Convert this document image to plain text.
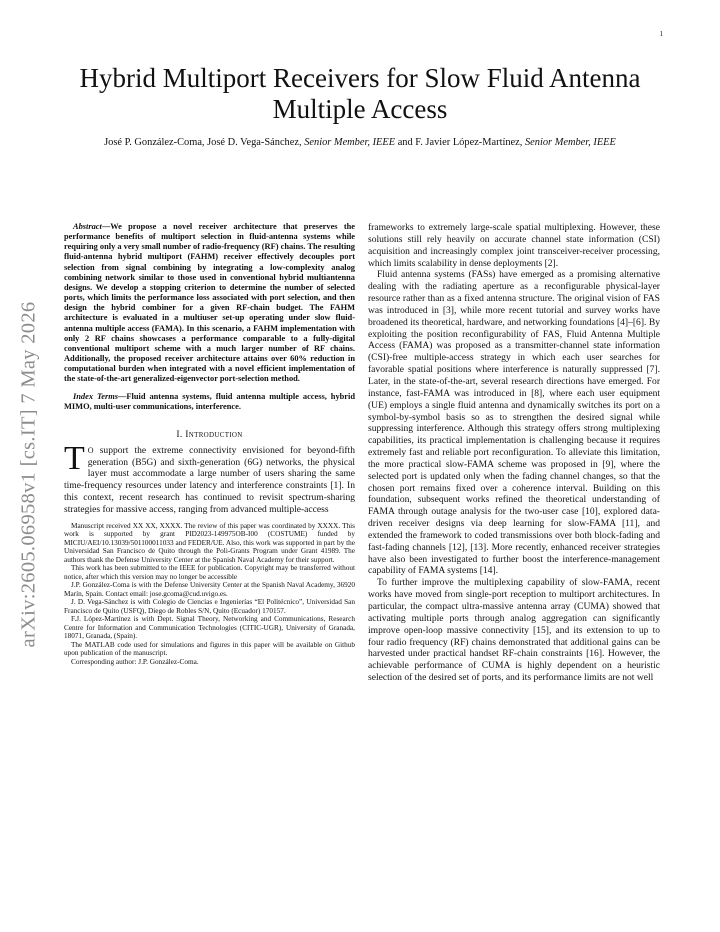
1
arXiv:2605.06958v1 [cs.IT] 7 May 2026
Hybrid Multiport Receivers for Slow Fluid Antenna Multiple Access
José P. González-Coma, José D. Vega-Sánchez, Senior Member, IEEE and F. Javier López-Martínez, Senior Member, IEEE

Abstract—We propose a novel receiver architecture that preserves the performance benefits of multiport selection in fluid-antenna systems while requiring only a very small number of radio-frequency (RF) chains. The resulting fluid-antenna hybrid multiport (FAHM) receiver effectively decouples port selection from signal combining by integrating a low-complexity analog combining network similar to those used in conventional hybrid multiantenna designs. We develop a stopping criterion to determine the number of selected ports, which limits the performance loss associated with port selection, and then design the hybrid combiner for a given RF-chain budget. The FAHM architecture is evaluated in a multiuser set-up operating under slow fluid-antenna multiple access (FAMA). In this scenario, a FAHM implementation with only 2 RF chains showcases a performance comparable to a fully-digital conventional multiport scheme with a much larger number of RF chains. Additionally, the proposed receiver architecture attains over 60% reduction in computational burden when integrated with a novel efficient implementation of the state-of-the-art generalized-eigenvector port-selection method.

Index Terms—Fluid antenna systems, fluid antenna multiple access, hybrid MIMO, multi-user communications, interference.

I. Introduction

TO support the extreme connectivity envisioned for beyond-fifth generation (B5G) and sixth-generation (6G) networks, the physical layer must accommodate a large number of users sharing the same time-frequency resources under latency and interference constraints [1]. In this context, recent research has continued to revisit spectrum-sharing strategies for massive access, ranging from advanced multiple-access

Manuscript received XX XX, XXXX. The review of this paper was coordinated by XXXX. This work is supported by grant PID2023-149975OB-I00 (COSTUME) funded by MICIU/AEI/10.13039/501100011033 and FEDER/UE. Also, this work was supported in part by the Universidad San Francisco de Quito through the Poli-Grants Program under Grant 41989. The authors thank the Defense University Center at the Spanish Naval Academy for their support.

This work has been submitted to the IEEE for publication. Copyright may be transferred without notice, after which this version may no longer be accessible

J.P. González-Coma is with the Defense University Center at the Spanish Naval Academy, 36920 Marín, Spain. Contact email: jose.gcoma@cud.uvigo.es.

J. D. Vega-Sánchez is with Colegio de Ciencias e Ingenierías “El Politécnico”, Universidad San Francisco de Quito (USFQ), Diego de Robles S/N, Quito (Ecuador) 170157.

F.J. López-Martínez is with Dept. Signal Theory, Networking and Communications, Research Centre for Information and Communication Technologies (CITIC-UGR), University of Granada, 18071, Granada, (Spain).

The MATLAB code used for simulations and figures in this paper will be available on Github upon publication of the manuscript.

Corresponding author: J.P. González-Coma.

frameworks to extremely large-scale spatial multiplexing. However, these solutions still rely heavily on accurate channel state information (CSI) acquisition and increasingly complex joint transceiver-receiver processing, which limits scalability in dense deployments [2].

Fluid antenna systems (FASs) have emerged as a promising alternative dealing with the radiating aperture as a reconfigurable physical-layer resource rather than as a fixed antenna structure. The original vision of FAS was introduced in [3], while more recent tutorial and survey works have broadened its theoretical, hardware, and networking foundations [4]–[6]. By exploiting the position reconfigurability of FAS, Fluid Antenna Multiple Access (FAMA) was proposed as a transmitter-channel state information (CSI)-free multiple-access strategy in which each user searches for favorable spatial positions where interference is naturally suppressed [7]. Later, in the state-of-the-art, several research directions have emerged. For instance, fast-FAMA was introduced in [8], where each user equipment (UE) employs a single fluid antenna and dynamically switches its port on a symbol-by-symbol basis so as to strengthen the desired signal while suppressing interference. Although this strategy offers strong multiplexing capabilities, its practical implementation is challenging because it requires extremely fast and reliable port reconfiguration. To alleviate this limitation, the more practical slow-FAMA scheme was proposed in [9], where the selected port is updated only when the fading channel changes, so that the chosen port remains fixed over a coherence interval. Building on this foundation, subsequent works refined the theoretical understanding of FAMA through outage analysis for the two-user case [10], explored data-driven receiver designs via deep learning for slow-FAMA [11], and extended the framework to coded transmissions over both block-fading and fast-fading channels [12], [13]. More recently, enhanced receiver strategies have also been investigated to further boost the interference-management capability of FAMA systems [14].

To further improve the multiplexing capability of slow-FAMA, recent works have moved from single-port reception to multiport architectures. In particular, the compact ultra-massive antenna array (CUMA) showed that activating multiple ports through analog aggregation can significantly improve open-loop massive connectivity [15], and its extension to up to four radio frequency (RF) chains demonstrated that additional gains can be harvested under practical handset RF-chain constraints [16]. However, the achievable performance of CUMA is highly dependent on a heuristic selection of the desired set of ports, and its performance limits are not well
